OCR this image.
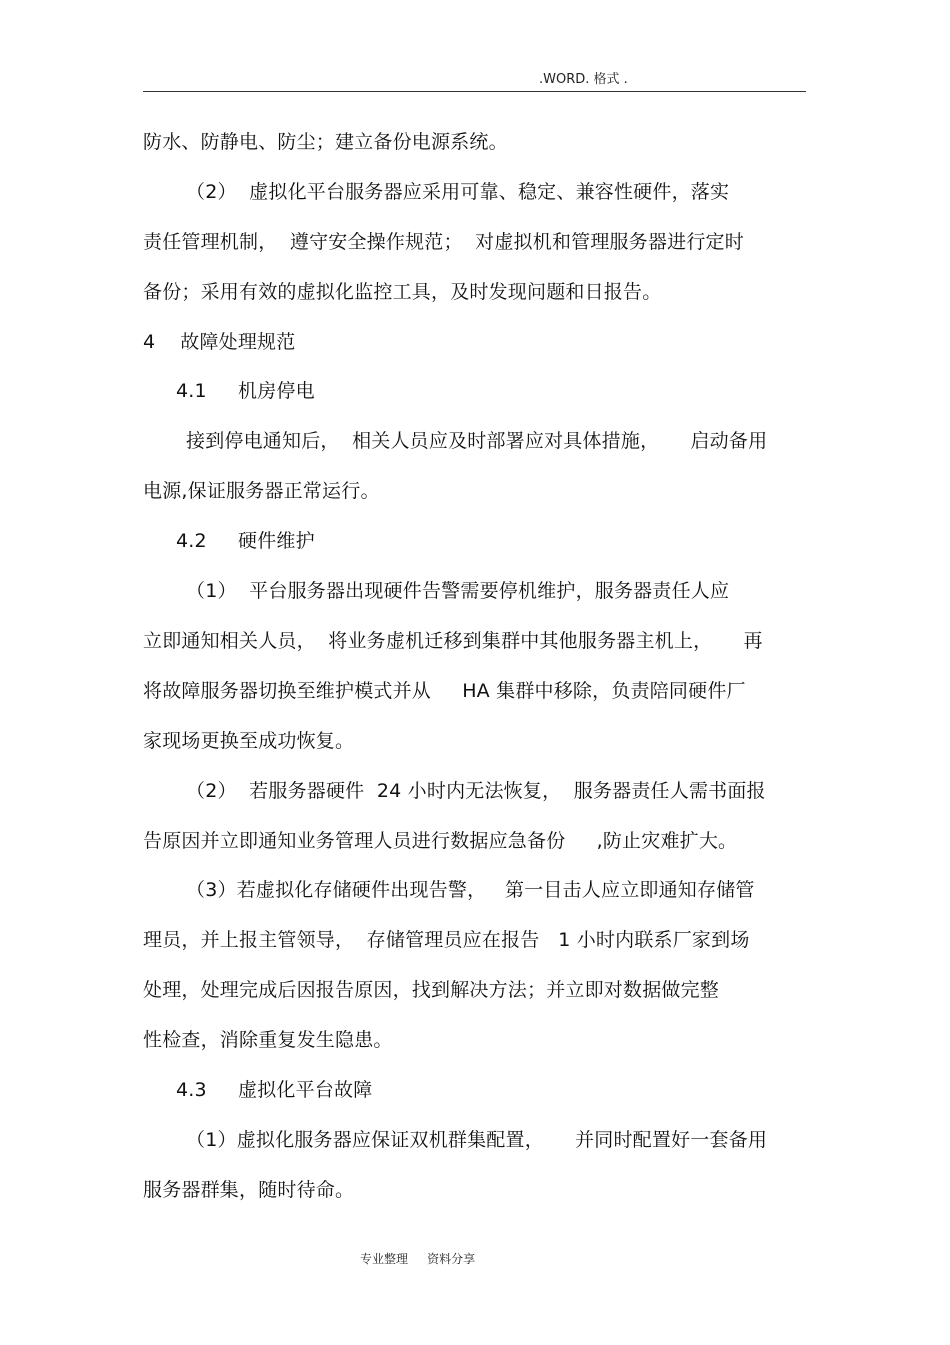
.WORD. 格式 .
防水、防静电、防尘；建立备份电源系统。
（2）  虚拟化平台服务器应采用可靠、稳定、兼容性硬件，落实
责任管理机制，  遵守安全操作规范；  对虚拟机和管理服务器进行定时
备份；采用有效的虚拟化监控工具，及时发现问题和日报告。
4    故障处理规范
4.1     机房停电
接到停电通知后，  相关人员应及时部署应对具体措施，     启动备用
电源,保证服务器正常运行。
4.2     硬件维护
（1）  平台服务器出现硬件告警需要停机维护，服务器责任人应
立即通知相关人员，  将业务虚机迁移到集群中其他服务器主机上，     再
将故障服务器切换至维护模式并从     HA 集群中移除，负责陪同硬件厂
家现场更换至成功恢复。
（2）  若服务器硬件  24 小时内无法恢复，  服务器责任人需书面报
告原因并立即通知业务管理人员进行数据应急备份     ,防止灾难扩大。
（3）若虚拟化存储硬件出现告警，   第一目击人应立即通知存储管
理员，并上报主管领导，  存储管理员应在报告   1 小时内联系厂家到场
处理，处理完成后因报告原因，找到解决方法；并立即对数据做完整
性检查，消除重复发生隐患。
4.3     虚拟化平台故障
（1）虚拟化服务器应保证双机群集配置，     并同时配置好一套备用
服务器群集，随时待命。
专业整理     资料分享
